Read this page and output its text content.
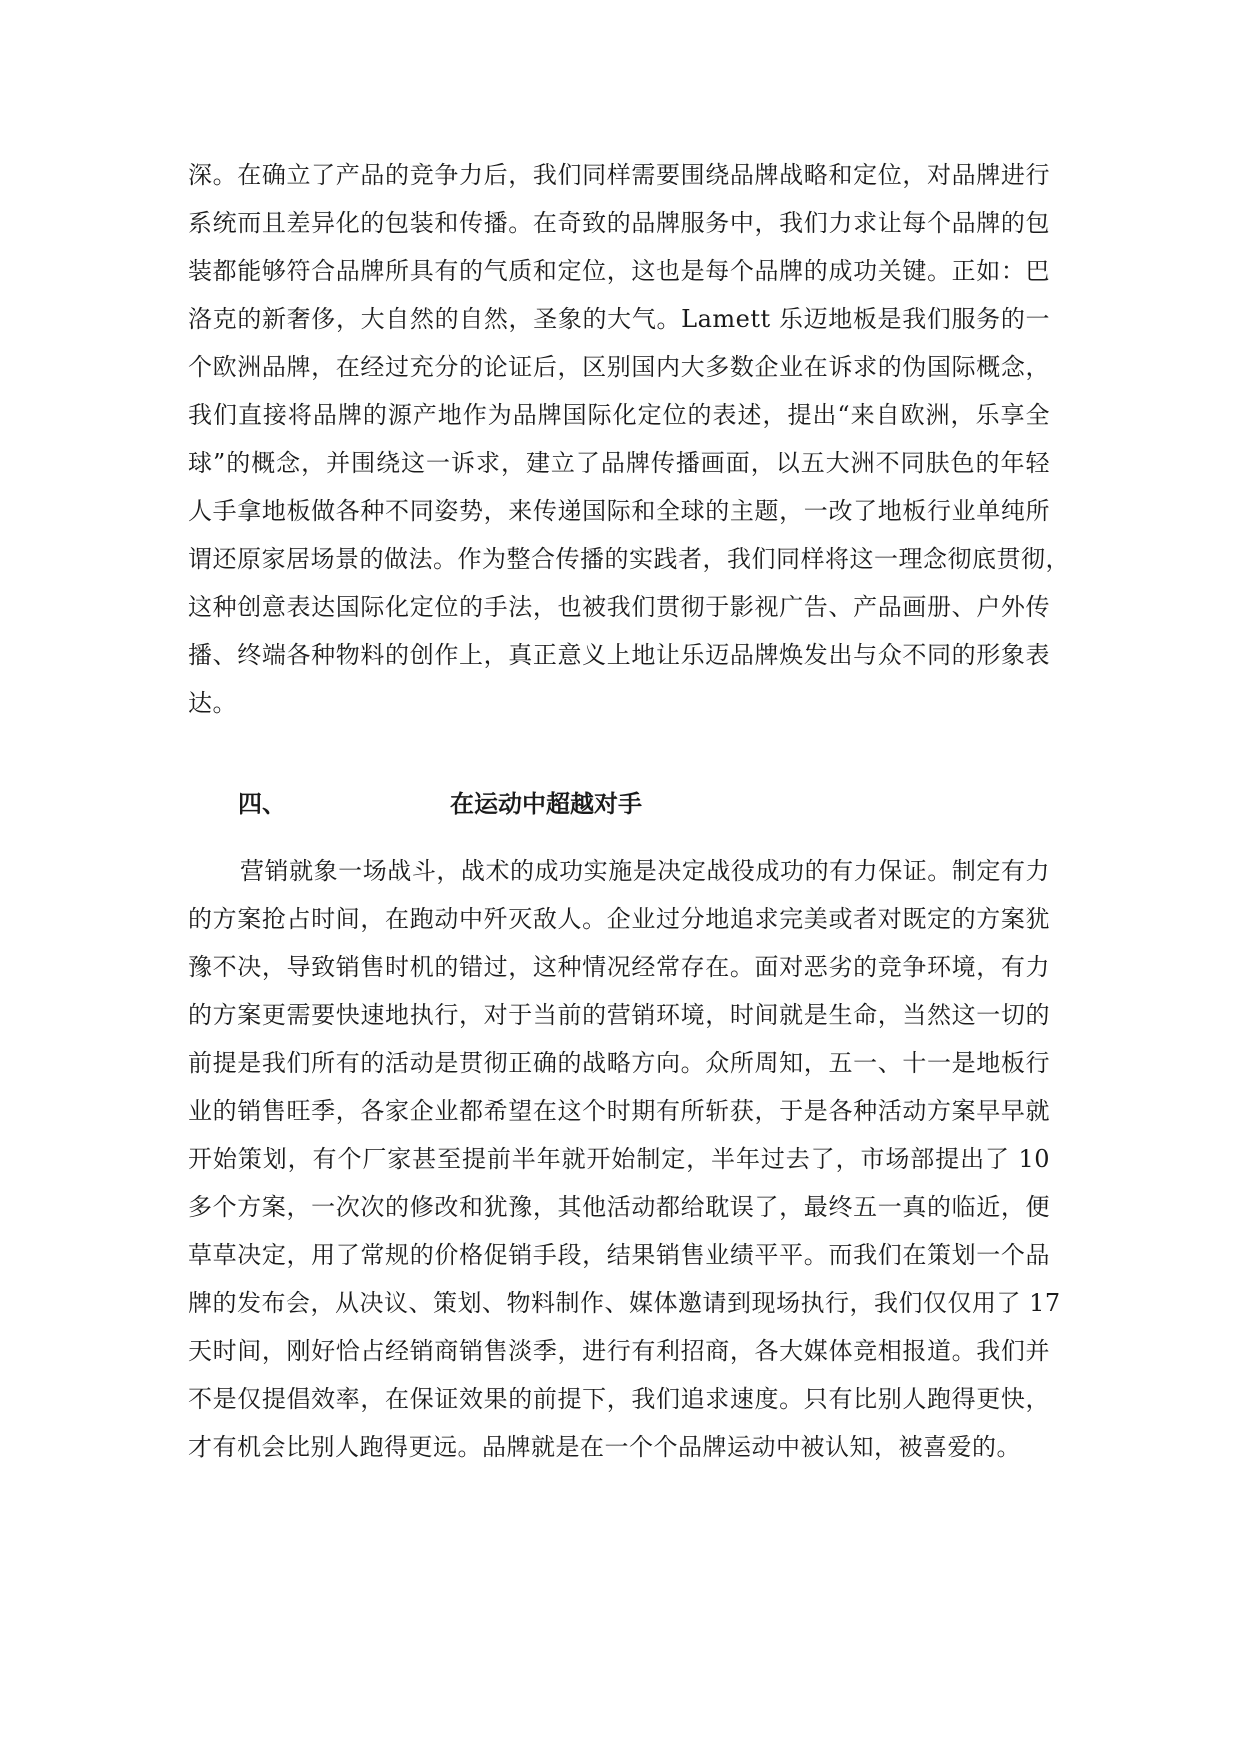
深。在确立了产品的竞争力后，我们同样需要围绕品牌战略和定位，对品牌进行
系统而且差异化的包装和传播。在奇致的品牌服务中，我们力求让每个品牌的包
装都能够符合品牌所具有的气质和定位，这也是每个品牌的成功关键。正如：巴
洛克的新奢侈，大自然的自然，圣象的大气。Lamett 乐迈地板是我们服务的一
个欧洲品牌，在经过充分的论证后，区别国内大多数企业在诉求的伪国际概念，
我们直接将品牌的源产地作为品牌国际化定位的表述，提出“来自欧洲，乐享全
球”的概念，并围绕这一诉求，建立了品牌传播画面，以五大洲不同肤色的年轻
人手拿地板做各种不同姿势，来传递国际和全球的主题，一改了地板行业单纯所
谓还原家居场景的做法。作为整合传播的实践者，我们同样将这一理念彻底贯彻，
这种创意表达国际化定位的手法，也被我们贯彻于影视广告、产品画册、户外传
播、终端各种物料的创作上，真正意义上地让乐迈品牌焕发出与众不同的形象表
达。
四、	在运动中超越对手
营销就象一场战斗，战术的成功实施是决定战役成功的有力保证。制定有力
的方案抢占时间，在跑动中歼灭敌人。企业过分地追求完美或者对既定的方案犹
豫不决，导致销售时机的错过，这种情况经常存在。面对恶劣的竞争环境，有力
的方案更需要快速地执行，对于当前的营销环境，时间就是生命，当然这一切的
前提是我们所有的活动是贯彻正确的战略方向。众所周知，五一、十一是地板行
业的销售旺季，各家企业都希望在这个时期有所斩获，于是各种活动方案早早就
开始策划，有个厂家甚至提前半年就开始制定，半年过去了，市场部提出了 10
多个方案，一次次的修改和犹豫，其他活动都给耽误了，最终五一真的临近，便
草草决定，用了常规的价格促销手段，结果销售业绩平平。而我们在策划一个品
牌的发布会，从决议、策划、物料制作、媒体邀请到现场执行，我们仅仅用了 17
天时间，刚好恰占经销商销售淡季，进行有利招商，各大媒体竞相报道。我们并
不是仅提倡效率，在保证效果的前提下，我们追求速度。只有比别人跑得更快，
才有机会比别人跑得更远。品牌就是在一个个品牌运动中被认知，被喜爱的。
